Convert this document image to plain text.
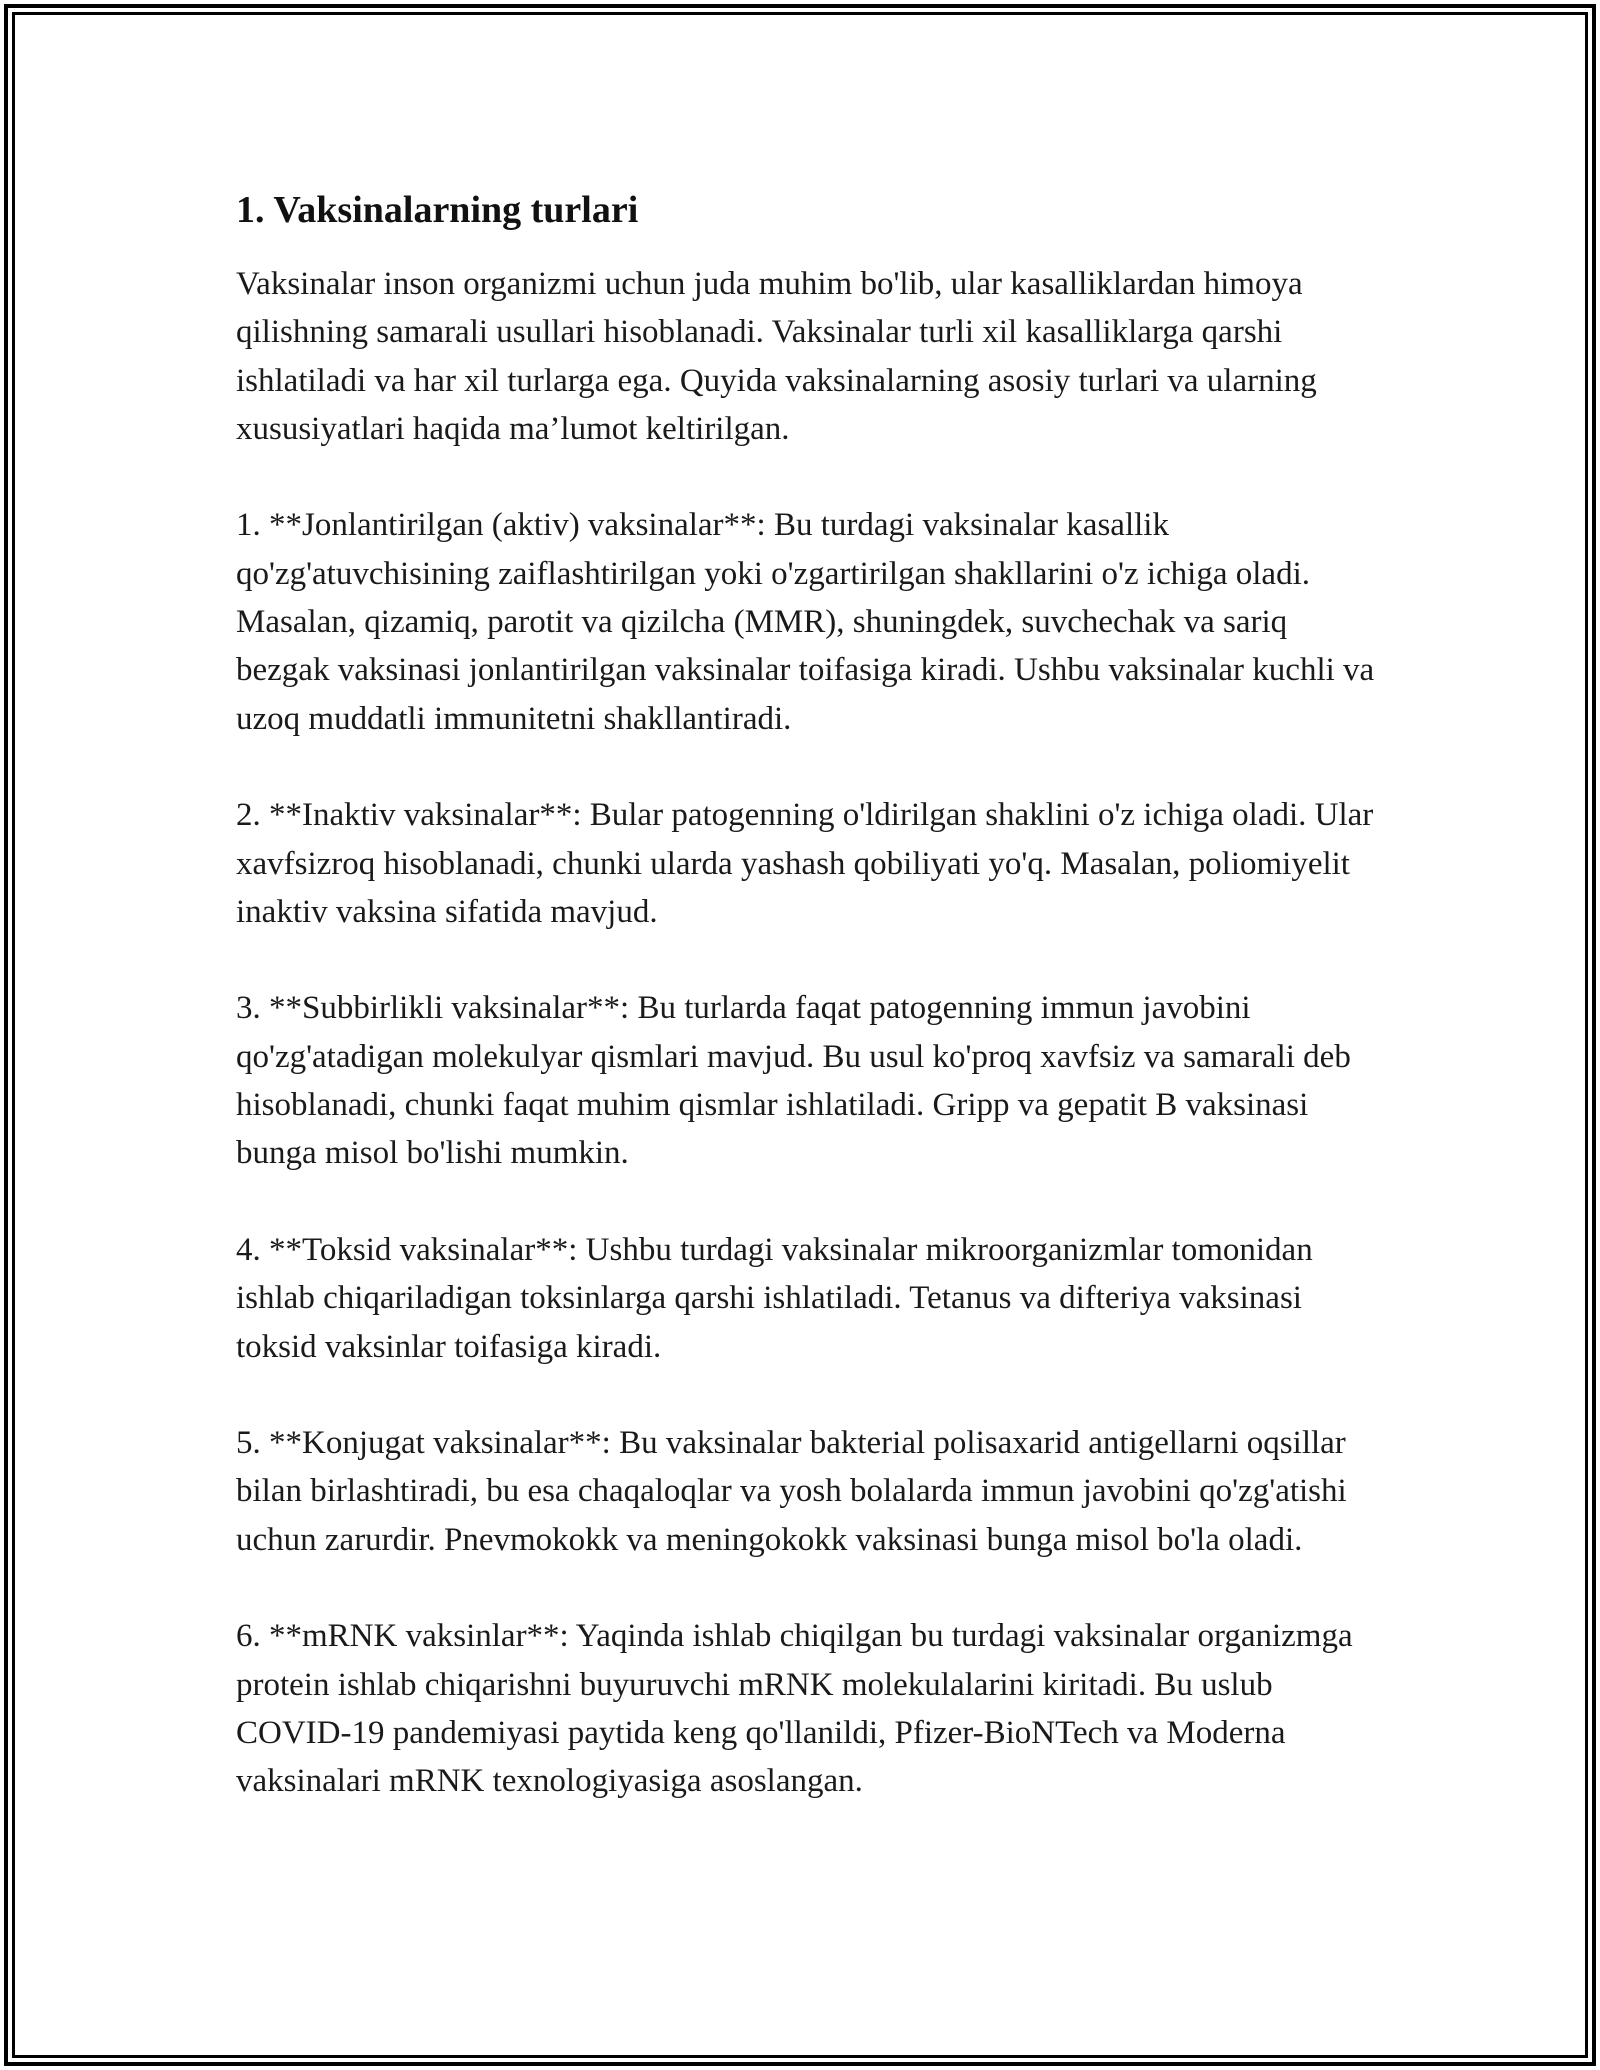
1. Vaksinalarning turlari

Vaksinalar inson organizmi uchun juda muhim bo'lib, ular kasalliklardan himoya qilishning samarali usullari hisoblanadi. Vaksinalar turli xil kasalliklarga qarshi ishlatiladi va har xil turlarga ega. Quyida vaksinalarning asosiy turlari va ularning xususiyatlari haqida ma’lumot keltirilgan.

1. **Jonlantirilgan (aktiv) vaksinalar**: Bu turdagi vaksinalar kasallik qo'zg'atuvchisining zaiflashtirilgan yoki o'zgartirilgan shakllarini o'z ichiga oladi. Masalan, qizamiq, parotit va qizilcha (MMR), shuningdek, suvchechak va sariq bezgak vaksinasi jonlantirilgan vaksinalar toifasiga kiradi. Ushbu vaksinalar kuchli va uzoq muddatli immunitetni shakllantiradi.

2. **Inaktiv vaksinalar**: Bular patogenning o'ldirilgan shaklini o'z ichiga oladi. Ular xavfsizroq hisoblanadi, chunki ularda yashash qobiliyati yo'q. Masalan, poliomiyelit inaktiv vaksina sifatida mavjud.

3. **Subbirlikli vaksinalar**: Bu turlarda faqat patogenning immun javobini qo'zg'atadigan molekulyar qismlari mavjud. Bu usul ko'proq xavfsiz va samarali deb hisoblanadi, chunki faqat muhim qismlar ishlatiladi. Gripp va gepatit B vaksinasi bunga misol bo'lishi mumkin.

4. **Toksid vaksinalar**: Ushbu turdagi vaksinalar mikroorganizmlar tomonidan ishlab chiqariladigan toksinlarga qarshi ishlatiladi. Tetanus va difteriya vaksinasi toksid vaksinlar toifasiga kiradi.

5. **Konjugat vaksinalar**: Bu vaksinalar bakterial polisaxarid antigellarni oqsillar bilan birlashtiradi, bu esa chaqaloqlar va yosh bolalarda immun javobini qo'zg'atishi uchun zarurdir. Pnevmokokk va meningokokk vaksinasi bunga misol bo'la oladi.

6. **mRNK vaksinlar**: Yaqinda ishlab chiqilgan bu turdagi vaksinalar organizmga protein ishlab chiqarishni buyuruvchi mRNK molekulalarini kiritadi. Bu uslub COVID-19 pandemiyasi paytida keng qo'llanildi, Pfizer-BioNTech va Moderna vaksinalari mRNK texnologiyasiga asoslangan.
